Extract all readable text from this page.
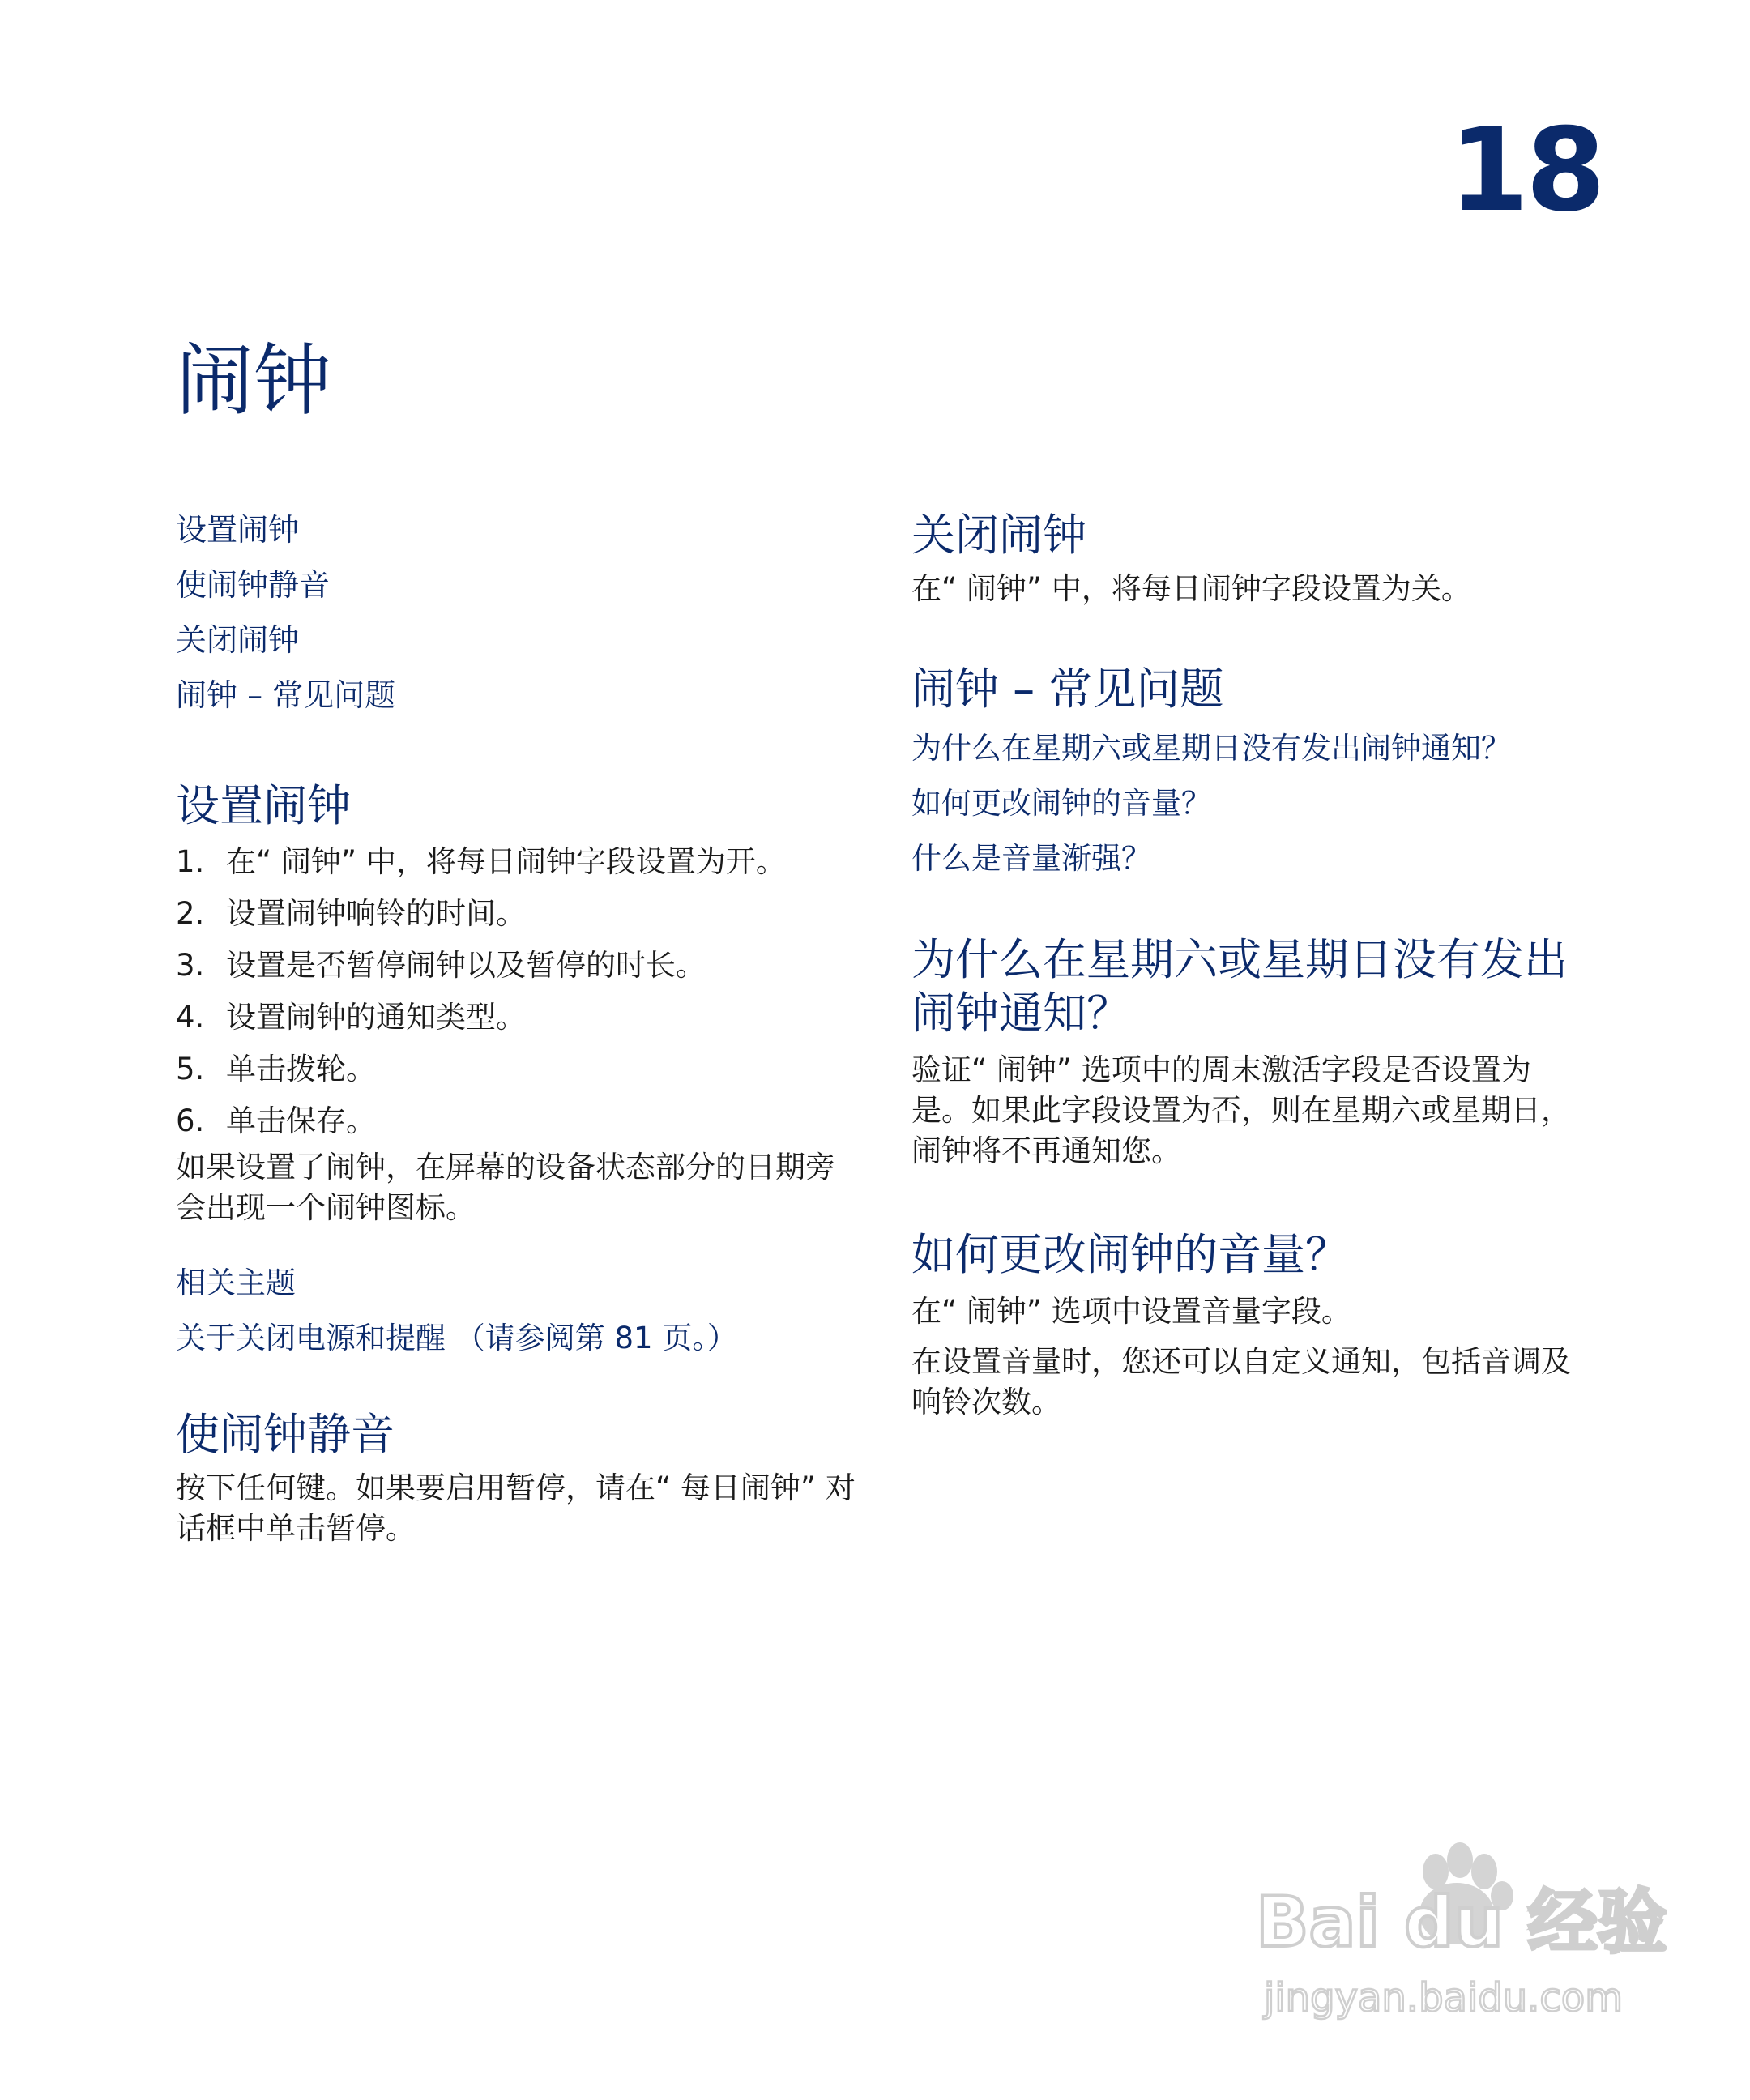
18
闹钟
设置闹钟
使闹钟静音
关闭闹钟
闹钟 – 常见问题
设置闹钟
1. 在“ 闹钟” 中，将每日闹钟字段设置为开。
2. 设置闹钟响铃的时间。
3. 设置是否暂停闹钟以及暂停的时长。
4. 设置闹钟的通知类型。
5. 单击拨轮。
6. 单击保存。

如果设置了闹钟，在屏幕的设备状态部分的日期旁会出现一个闹钟图标。

相关主题
关于关闭电源和提醒 （请参阅第 81 页。）
使闹钟静音

按下任何键。如果要启用暂停，请在“ 每日闹钟” 对话框中单击暂停。

关闭闹钟

在“ 闹钟” 中，将每日闹钟字段设置为关。

闹钟 – 常见问题
为什么在星期六或星期日没有发出闹钟通知？
如何更改闹钟的音量？
什么是音量渐强？
为什么在星期六或星期日没有发出闹钟通知？

验证“ 闹钟” 选项中的周末激活字段是否设置为是。如果此字段设置为否，则在星期六或星期日，闹钟将不再通知您。

如何更改闹钟的音量？

在“ 闹钟” 选项中设置音量字段。

在设置音量时，您还可以自定义通知，包括音调及响铃次数。

Bai du 经验
jingyan.baidu.com
